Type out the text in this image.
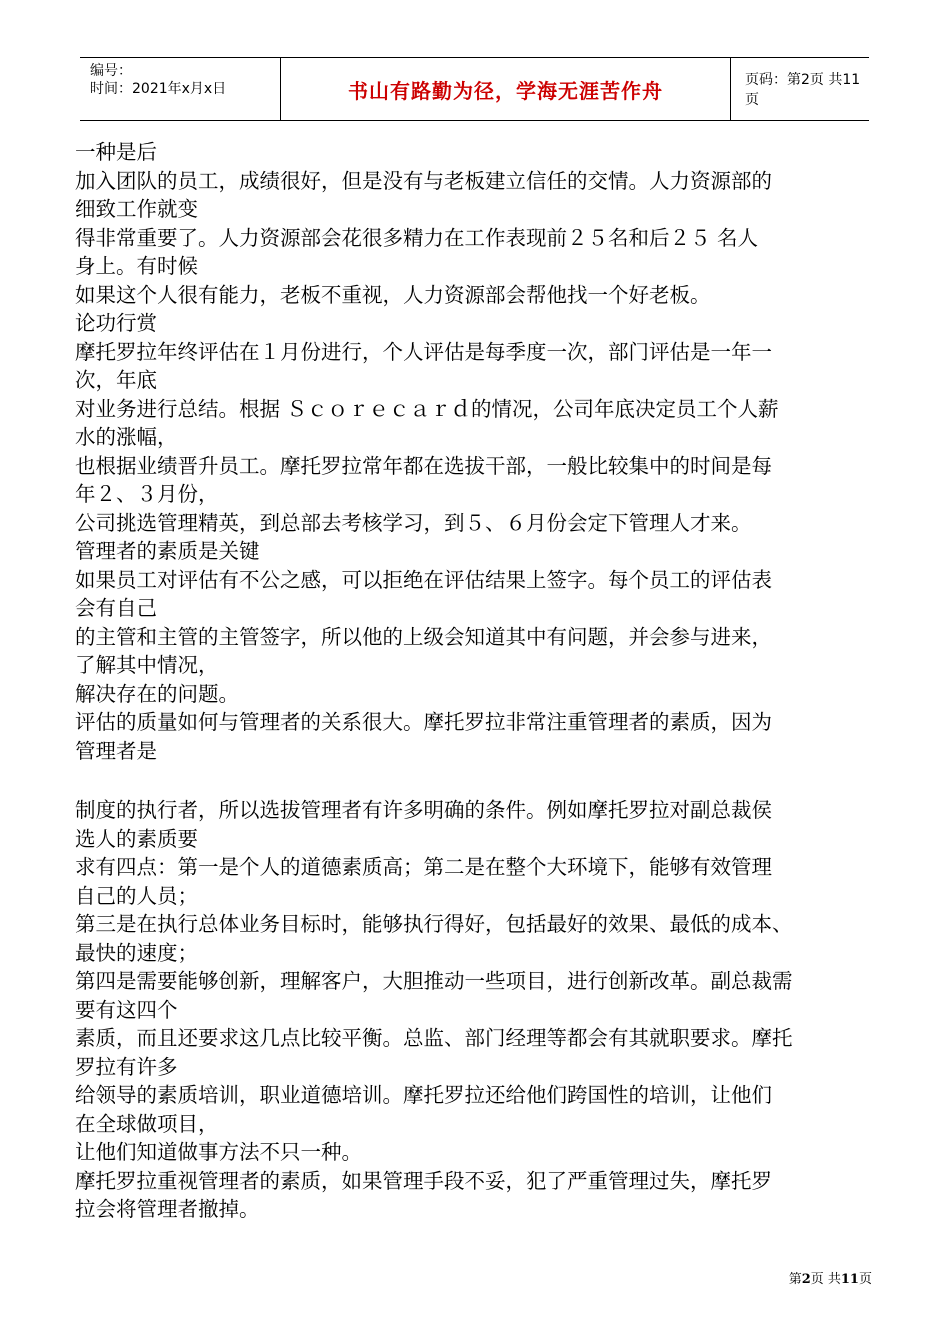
编号：
时间：2021年x月x日	书山有路勤为径，学海无涯苦作舟	页码：第2页 共11页

一种是后

加入团队的员工，成绩很好，但是没有与老板建立信任的交情。人力资源部的

细致工作就变

得非常重要了。人力资源部会花很多精力在工作表现前２５名和后２５ 名人

身上。有时候

如果这个人很有能力，老板不重视，人力资源部会帮他找一个好老板。

论功行赏

摩托罗拉年终评估在１月份进行，个人评估是每季度一次，部门评估是一年一

次，年底

对业务进行总结。根据 Ｓｃｏｒｅｃａｒｄ的情况，公司年底决定员工个人薪

水的涨幅，

也根据业绩晋升员工。摩托罗拉常年都在选拔干部，一般比较集中的时间是每

年２、３月份，

公司挑选管理精英，到总部去考核学习，到５、６月份会定下管理人才来。

管理者的素质是关键

如果员工对评估有不公之感，可以拒绝在评估结果上签字。每个员工的评估表

会有自己

的主管和主管的主管签字，所以他的上级会知道其中有问题，并会参与进来，

了解其中情况，

解决存在的问题。

评估的质量如何与管理者的关系很大。摩托罗拉非常注重管理者的素质，因为

管理者是

制度的执行者，所以选拔管理者有许多明确的条件。例如摩托罗拉对副总裁侯

选人的素质要

求有四点：第一是个人的道德素质高；第二是在整个大环境下，能够有效管理

自己的人员；

第三是在执行总体业务目标时，能够执行得好，包括最好的效果、最低的成本、

最快的速度；

第四是需要能够创新，理解客户，大胆推动一些项目，进行创新改革。副总裁需

要有这四个

素质，而且还要求这几点比较平衡。总监、部门经理等都会有其就职要求。摩托

罗拉有许多

给领导的素质培训，职业道德培训。摩托罗拉还给他们跨国性的培训，让他们

在全球做项目，

让他们知道做事方法不只一种。

摩托罗拉重视管理者的素质，如果管理手段不妥，犯了严重管理过失，摩托罗

拉会将管理者撤掉。

第2页 共11页
